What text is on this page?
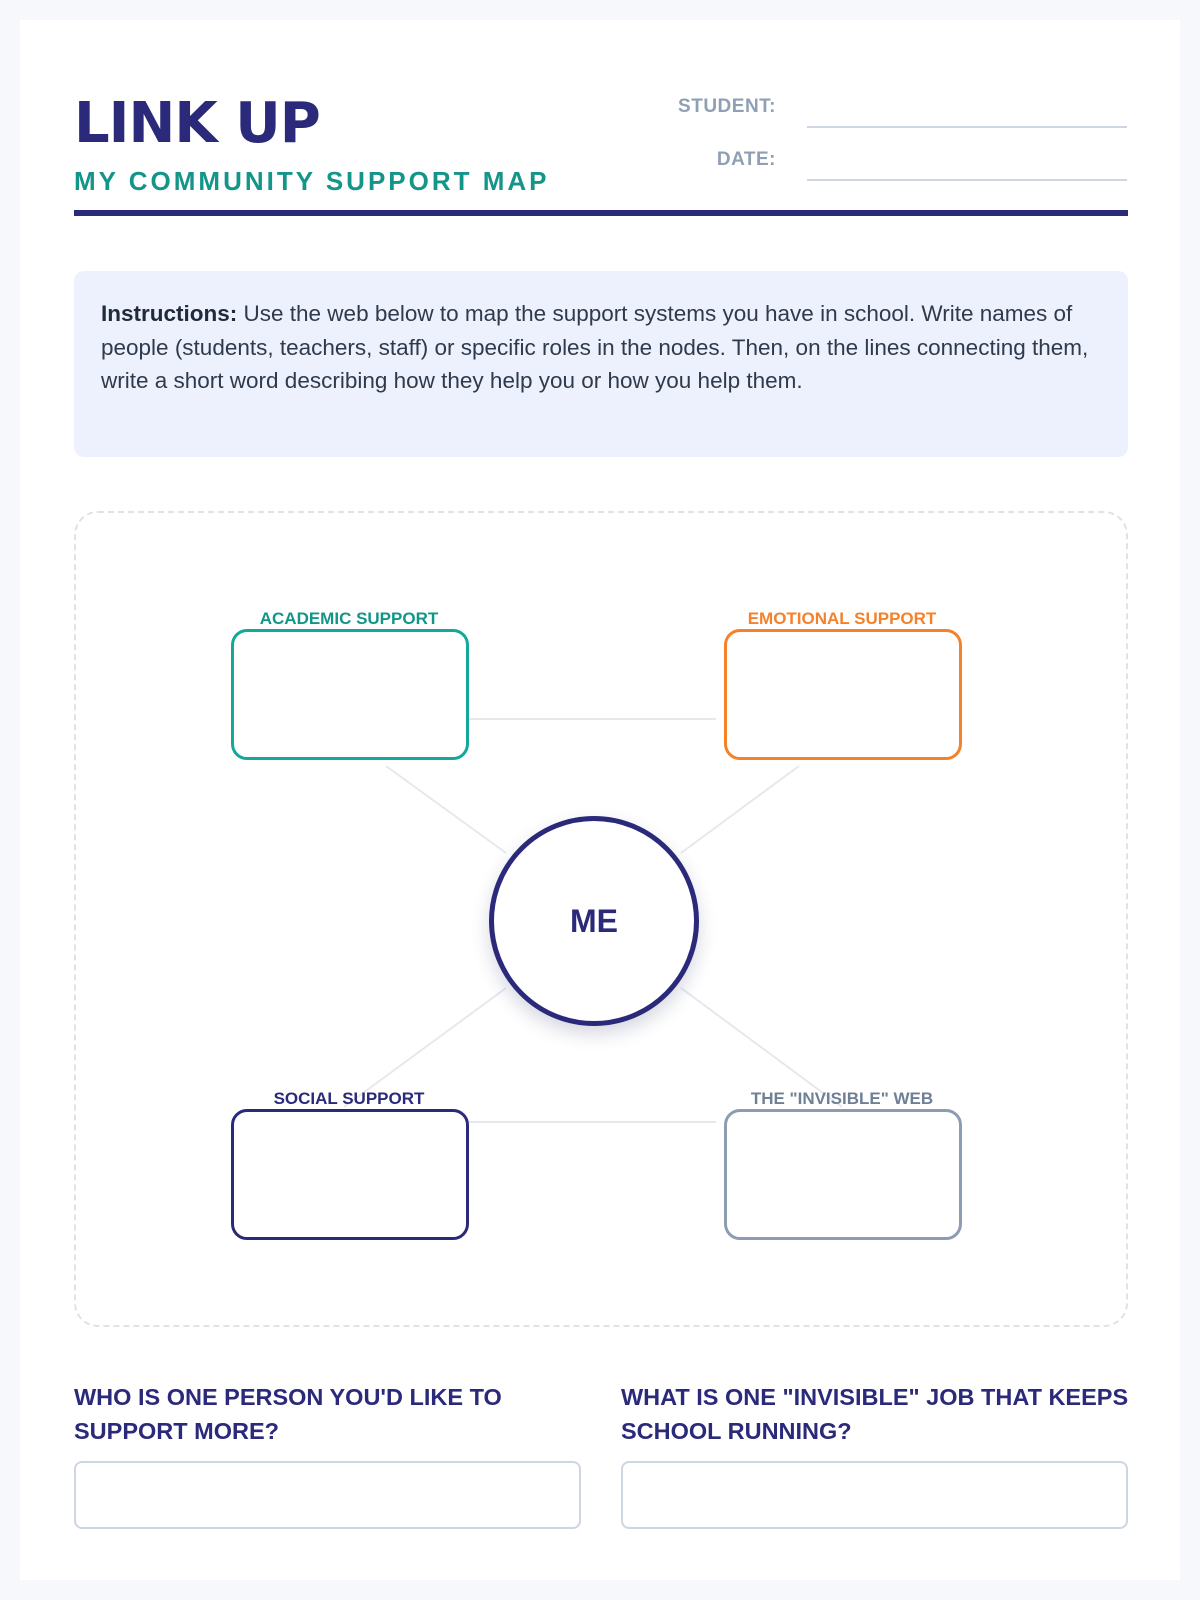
LINK UP
MY COMMUNITY SUPPORT MAP
STUDENT:
DATE:
Instructions: Use the web below to map the support systems you have in school. Write names of people (students, teachers, staff) or specific roles in the nodes. Then, on the lines connecting them, write a short word describing how they help you or how you help them.
ACADEMIC SUPPORT	EMOTIONAL SUPPORT
SOCIAL SUPPORT	THE "INVISIBLE" WEB
ME
WHO IS ONE PERSON YOU'D LIKE TO SUPPORT MORE?
WHAT IS ONE "INVISIBLE" JOB THAT KEEPS SCHOOL RUNNING?
